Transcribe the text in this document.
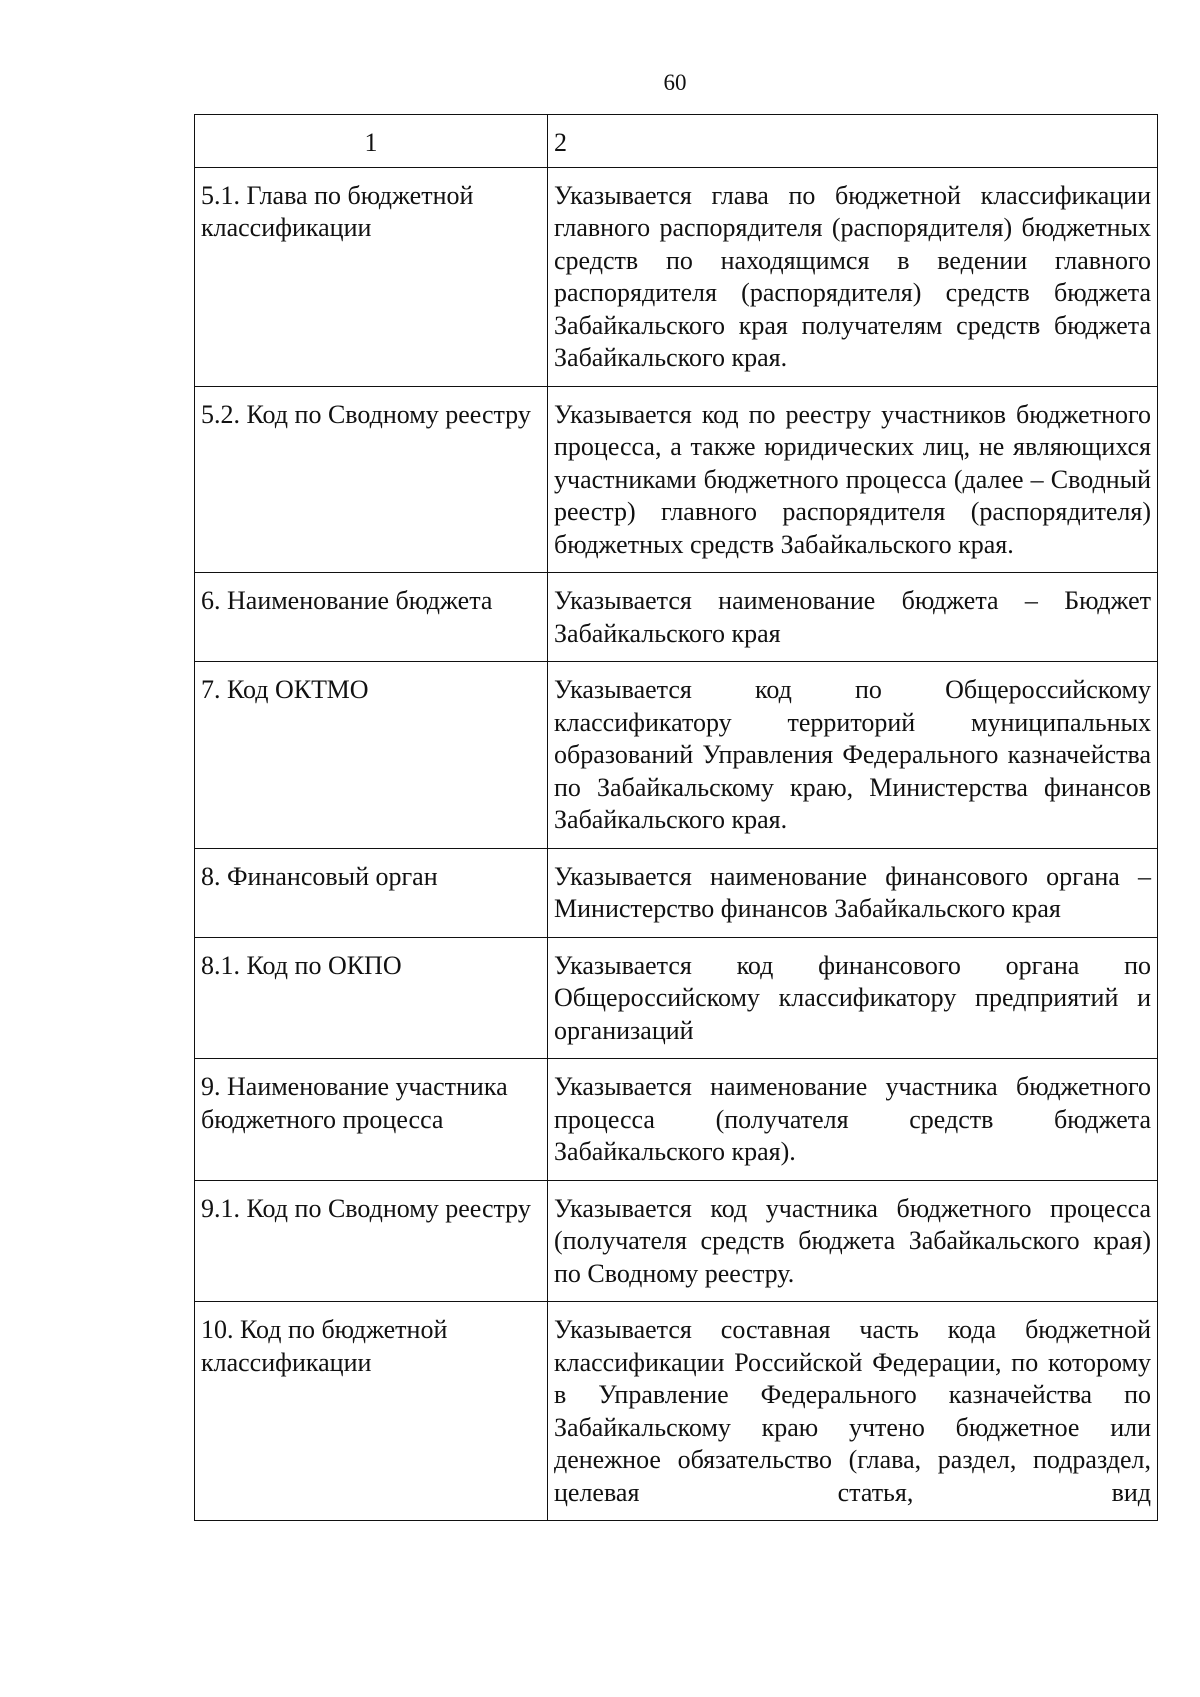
60
1	2
5.1. Глава по бюджетной классификации	Указывается глава по бюджетной классификации главного распорядителя (распорядителя) бюджетных средств по находящимся в ведении главного распорядителя (распорядителя) средств бюджета Забайкальского края получателям средств бюджета Забайкальского края.
5.2. Код по Сводному реестру	Указывается код по реестру участников бюджетного процесса, а также юридических лиц, не являющихся участниками бюджетного процесса (далее – Сводный реестр) главного распорядителя (распорядителя) бюджетных средств Забайкальского края.
6. Наименование бюджета	Указывается наименование бюджета – Бюджет Забайкальского края
7. Код ОКТМО	Указывается код по Общероссийскому классификатору территорий муниципальных образований Управления Федерального казначейства по Забайкальскому краю, Министерства финансов Забайкальского края.
8. Финансовый орган	Указывается наименование финансового органа – Министерство финансов Забайкальского края
8.1. Код по ОКПО	Указывается код финансового органа по Общероссийскому классификатору предприятий и организаций
9. Наименование участника бюджетного процесса	Указывается наименование участника бюджетного процесса (получателя средств бюджета Забайкальского края).
9.1. Код по Сводному реестру	Указывается код участника бюджетного процесса (получателя средств бюджета Забайкальского края) по Сводному реестру.
10. Код по бюджетной классификации	Указывается составная часть кода бюджетной классификации Российской Федерации, по которому в Управление Федерального казначейства по Забайкальскому краю учтено бюджетное или денежное обязательство (глава, раздел, подраздел, целевая статья, вид
